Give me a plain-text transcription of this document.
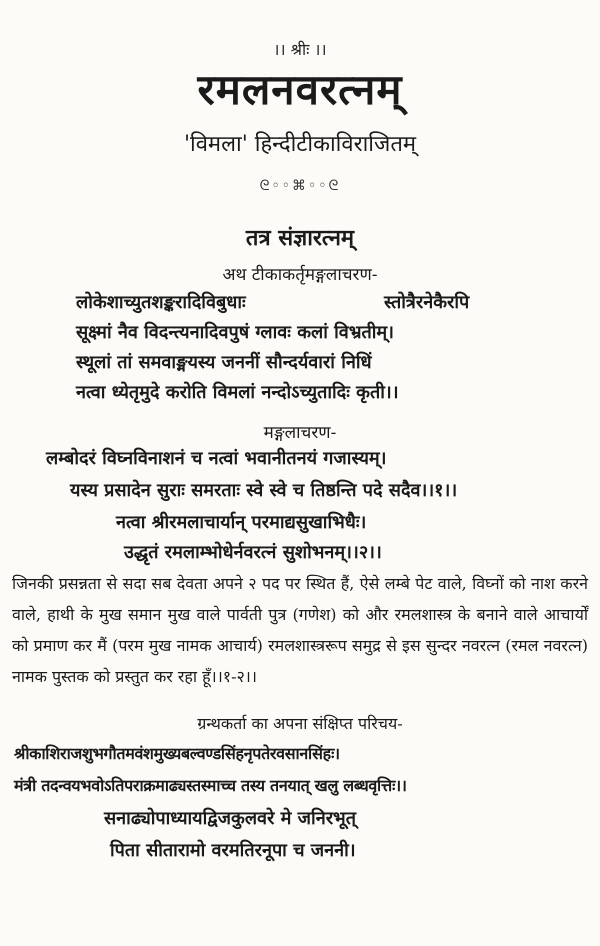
।। श्रीः ।।
रमलनवरत्नम्
'विमला' हिन्दीटीकाविराजितम्
ᘓ◦◦⌘◦◦ᘓ
तत्र संज्ञारत्नम्
अथ टीकाकर्तृमङ्गलाचरण-
लोकेशाच्युतशङ्करादिविबुधाः	स्तोत्रैरनेकैरपि
सूक्ष्मां नैव विदन्त्यनादिवपुषं ग्लावः कलां विभ्रतीम्।
स्थूलां तां समवाङ्मयस्य जननीं सौन्दर्यवारां निधिं
नत्वा ध्येतृमुदे करोति विमलां नन्दोऽच्युतादिः कृती।।
मङ्गलाचरण-
लम्बोदरं विघ्नविनाशनं च नत्वां भवानीतनयं गजास्यम्।
यस्य प्रसादेन सुराः समरताः स्वे स्वे च तिष्ठन्ति पदे सदैव।।१।।
नत्वा श्रीरमलाचार्यान् परमाद्यसुखाभिधैः।
उद्धृतं रमलाम्भोधेर्नवरत्नं सुशोभनम्।।२।।
जिनकी प्रसन्नता से सदा सब देवता अपने २ पद पर स्थित हैं, ऐसे लम्बे पेट वाले, विघ्नों को नाश करने वाले, हाथी के मुख समान मुख वाले पार्वती पुत्र (गणेश) को और रमलशास्त्र के बनाने वाले आचार्यों को प्रमाण कर मैं (परम मुख नामक आचार्य) रमलशास्त्ररूप समुद्र से इस सुन्दर नवरत्न (रमल नवरत्न) नामक पुस्तक को प्रस्तुत कर रहा हूँ।।१-२।।
ग्रन्थकर्ता का अपना संक्षिप्त परिचय-
श्रीकाशिराजशुभगौतमवंशमुख्यबल्वण्डसिंहनृपतेरवसानसिंहः।
मंत्री तदन्वयभवोऽतिपराक्रमाढ्यस्तस्माच्च तस्य तनयात् खलु लब्धवृत्तिः।।
सनाढ्योपाध्यायद्विजकुलवरे मे जनिरभूत्
पिता सीतारामो वरमतिरनूपा च जननी।
